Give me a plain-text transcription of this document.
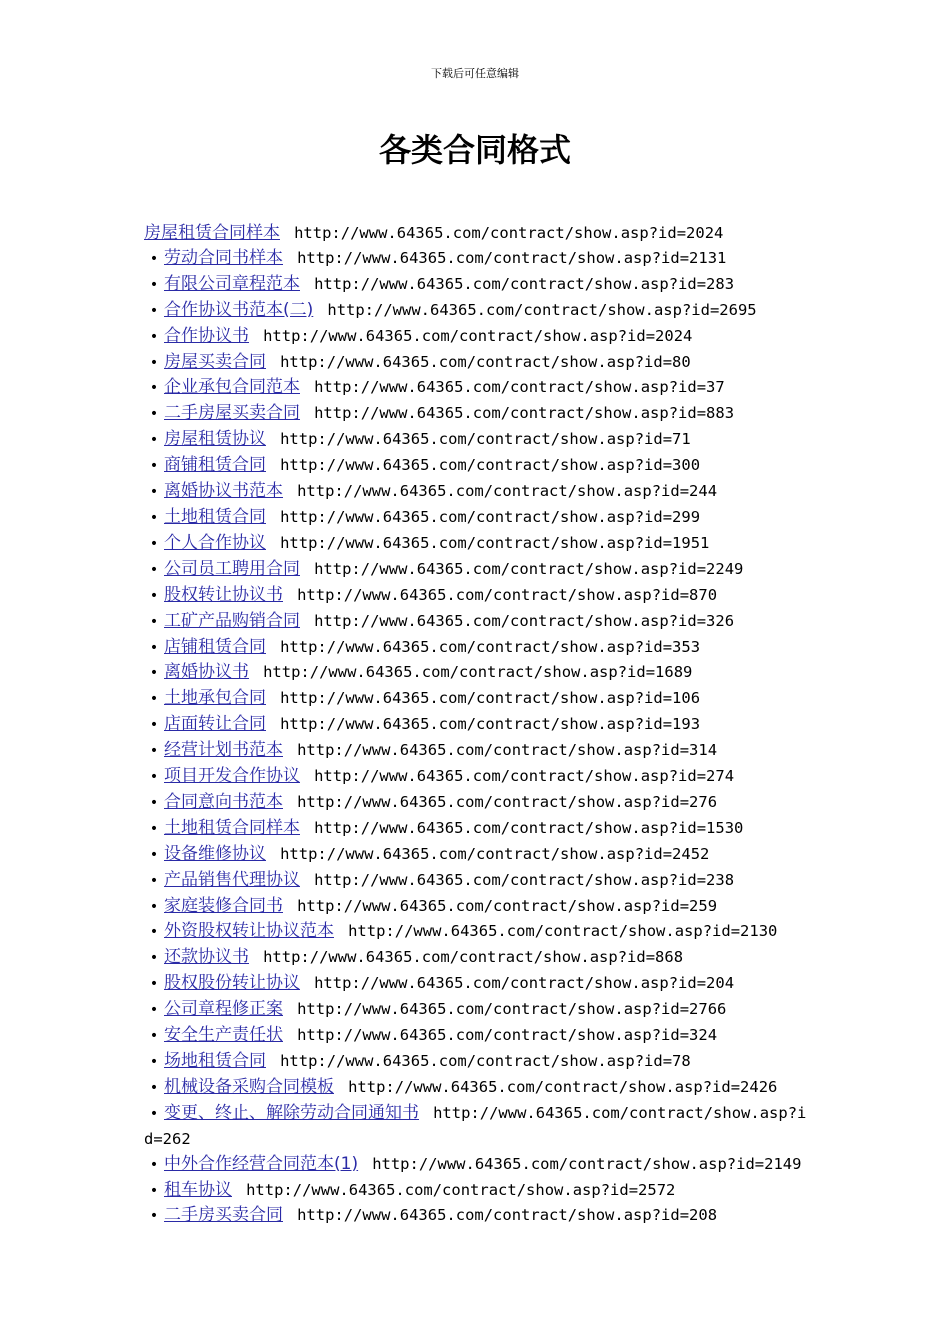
下载后可任意编辑
各类合同格式
房屋租赁合同样本 http://www.64365.com/contract/show.asp?id=2024
• 劳动合同书样本 http://www.64365.com/contract/show.asp?id=2131
• 有限公司章程范本 http://www.64365.com/contract/show.asp?id=283
• 合作协议书范本(二) http://www.64365.com/contract/show.asp?id=2695
• 合作协议书 http://www.64365.com/contract/show.asp?id=2024
• 房屋买卖合同 http://www.64365.com/contract/show.asp?id=80
• 企业承包合同范本 http://www.64365.com/contract/show.asp?id=37
• 二手房屋买卖合同 http://www.64365.com/contract/show.asp?id=883
• 房屋租赁协议 http://www.64365.com/contract/show.asp?id=71
• 商铺租赁合同 http://www.64365.com/contract/show.asp?id=300
• 离婚协议书范本 http://www.64365.com/contract/show.asp?id=244
• 土地租赁合同 http://www.64365.com/contract/show.asp?id=299
• 个人合作协议 http://www.64365.com/contract/show.asp?id=1951
• 公司员工聘用合同 http://www.64365.com/contract/show.asp?id=2249
• 股权转让协议书 http://www.64365.com/contract/show.asp?id=870
• 工矿产品购销合同 http://www.64365.com/contract/show.asp?id=326
• 店铺租赁合同 http://www.64365.com/contract/show.asp?id=353
• 离婚协议书 http://www.64365.com/contract/show.asp?id=1689
• 土地承包合同 http://www.64365.com/contract/show.asp?id=106
• 店面转让合同 http://www.64365.com/contract/show.asp?id=193
• 经营计划书范本 http://www.64365.com/contract/show.asp?id=314
• 项目开发合作协议 http://www.64365.com/contract/show.asp?id=274
• 合同意向书范本 http://www.64365.com/contract/show.asp?id=276
• 土地租赁合同样本 http://www.64365.com/contract/show.asp?id=1530
• 设备维修协议 http://www.64365.com/contract/show.asp?id=2452
• 产品销售代理协议 http://www.64365.com/contract/show.asp?id=238
• 家庭装修合同书 http://www.64365.com/contract/show.asp?id=259
• 外资股权转让协议范本 http://www.64365.com/contract/show.asp?id=2130
• 还款协议书 http://www.64365.com/contract/show.asp?id=868
• 股权股份转让协议 http://www.64365.com/contract/show.asp?id=204
• 公司章程修正案 http://www.64365.com/contract/show.asp?id=2766
• 安全生产责任状 http://www.64365.com/contract/show.asp?id=324
• 场地租赁合同 http://www.64365.com/contract/show.asp?id=78
• 机械设备采购合同模板 http://www.64365.com/contract/show.asp?id=2426
• 变更、终止、解除劳动合同通知书 http://www.64365.com/contract/show.asp?id=262
• 中外合作经营合同范本(1) http://www.64365.com/contract/show.asp?id=2149
• 租车协议 http://www.64365.com/contract/show.asp?id=2572
• 二手房买卖合同 http://www.64365.com/contract/show.asp?id=208
